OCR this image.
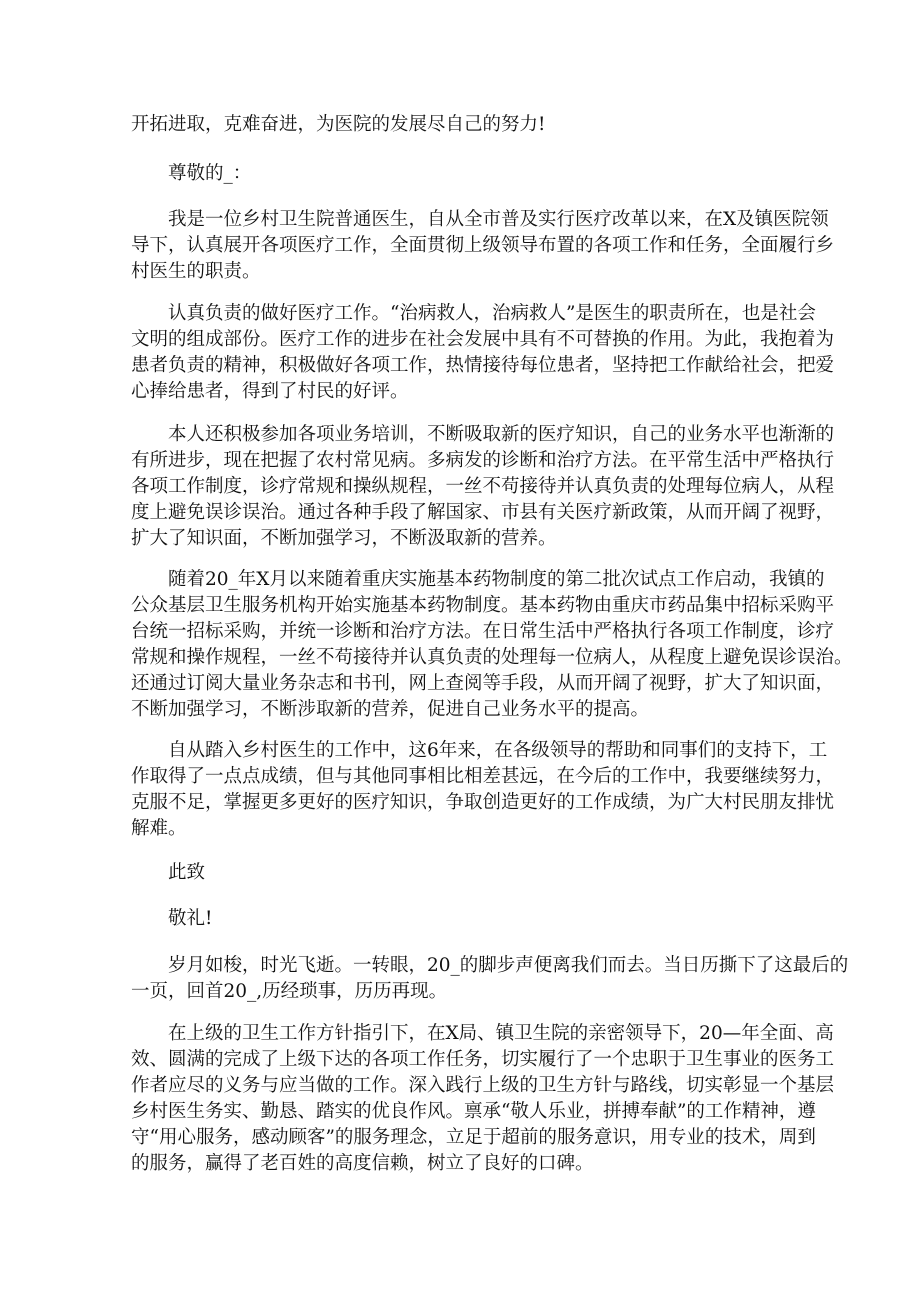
开拓进取，克难奋进，为医院的发展尽自己的努力!
尊敬的_：
我是一位乡村卫生院普通医生，自从全市普及实行医疗改革以来，在X及镇医院领
导下，认真展开各项医疗工作，全面贯彻上级领导布置的各项工作和任务，全面履行乡
村医生的职责。
认真负责的做好医疗工作。“治病救人，治病救人”是医生的职责所在，也是社会
文明的组成部份。医疗工作的进步在社会发展中具有不可替换的作用。为此，我抱着为
患者负责的精神，积极做好各项工作，热情接待每位患者，坚持把工作献给社会，把爱
心捧给患者，得到了村民的好评。
本人还积极参加各项业务培训，不断吸取新的医疗知识，自己的业务水平也渐渐的
有所进步，现在把握了农村常见病。多病发的诊断和治疗方法。在平常生活中严格执行
各项工作制度，诊疗常规和操纵规程，一丝不苟接待并认真负责的处理每位病人，从程
度上避免误诊误治。通过各种手段了解国家、市县有关医疗新政策，从而开阔了视野，
扩大了知识面，不断加强学习，不断汲取新的营养。
随着20_年X月以来随着重庆实施基本药物制度的第二批次试点工作启动，我镇的
公众基层卫生服务机构开始实施基本药物制度。基本药物由重庆市药品集中招标采购平
台统一招标采购，并统一诊断和治疗方法。在日常生活中严格执行各项工作制度，诊疗
常规和操作规程，一丝不苟接待并认真负责的处理每一位病人，从程度上避免误诊误治。
还通过订阅大量业务杂志和书刊，网上查阅等手段，从而开阔了视野，扩大了知识面，
不断加强学习，不断涉取新的营养，促进自己业务水平的提高。
自从踏入乡村医生的工作中，这6年来，在各级领导的帮助和同事们的支持下，工
作取得了一点点成绩，但与其他同事相比相差甚远，在今后的工作中，我要继续努力，
克服不足，掌握更多更好的医疗知识，争取创造更好的工作成绩，为广大村民朋友排忧
解难。
此致
敬礼!
岁月如梭，时光飞逝。一转眼，20_的脚步声便离我们而去。当日历撕下了这最后的
一页，回首20_,历经琐事，历历再现。
在上级的卫生工作方针指引下，在X局、镇卫生院的亲密领导下，20—年全面、高
效、圆满的完成了上级下达的各项工作任务，切实履行了一个忠职于卫生事业的医务工
作者应尽的义务与应当做的工作。深入践行上级的卫生方针与路线，切实彰显一个基层
乡村医生务实、勤恳、踏实的优良作风。禀承“敬人乐业，拼搏奉献”的工作精神，遵
守“用心服务，感动顾客”的服务理念，立足于超前的服务意识，用专业的技术，周到
的服务，赢得了老百姓的高度信赖，树立了良好的口碑。
